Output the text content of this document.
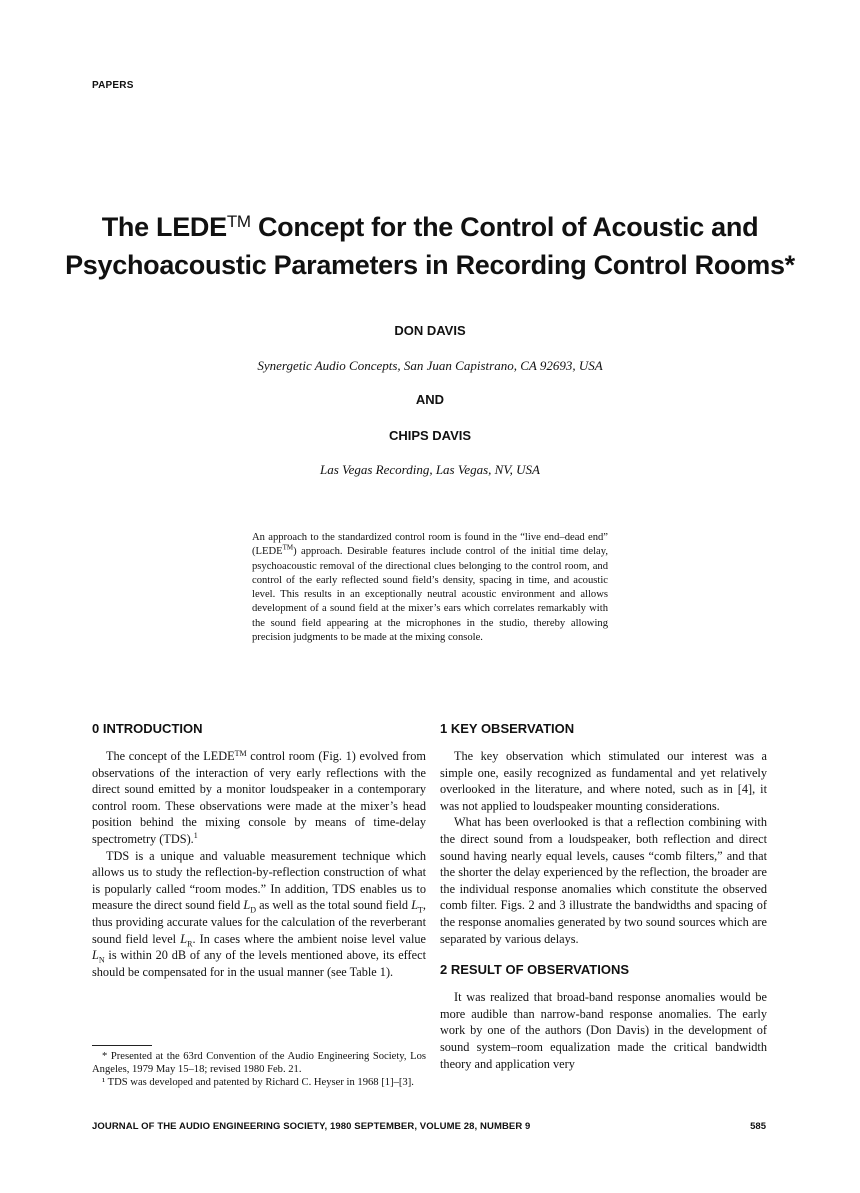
PAPERS
The LEDE™ Concept for the Control of Acoustic and
Psychoacoustic Parameters in Recording Control Rooms*
DON DAVIS
Synergetic Audio Concepts, San Juan Capistrano, CA 92693, USA
AND
CHIPS DAVIS
Las Vegas Recording, Las Vegas, NV, USA
An approach to the standardized control room is found in the “live end–dead end” (LEDE™) approach. Desirable features include control of the initial time delay, psychoacoustic removal of the directional clues belonging to the control room, and control of the early reflected sound field’s density, spacing in time, and acoustic level. This results in an exceptionally neutral acoustic environment and allows development of a sound field at the mixer’s ears which correlates remarkably with the sound field appearing at the microphones in the studio, thereby allowing precision judgments to be made at the mixing console.
0 INTRODUCTION

The concept of the LEDE™ control room (Fig. 1) evolved from observations of the interaction of very early reflections with the direct sound emitted by a monitor loudspeaker in a contemporary control room. These observations were made at the mixer’s head position behind the mixing console by means of time-delay spectrometry (TDS).$^1$

TDS is a unique and valuable measurement technique which allows us to study the reflection-by-reflection construction of what is popularly called “room modes.” In addition, TDS enables us to measure the direct sound field $L_D$ as well as the total sound field $L_T$, thus providing accurate values for the calculation of the reverberant sound field level $L_R$. In cases where the ambient noise level value $L_N$ is within 20 dB of any of the levels mentioned above, its effect should be compensated for in the usual manner (see Table 1).

1 KEY OBSERVATION

The key observation which stimulated our interest was a simple one, easily recognized as fundamental and yet relatively overlooked in the literature, and where noted, such as in [4], it was not applied to loudspeaker mounting considerations.

What has been overlooked is that a reflection combining with the direct sound from a loudspeaker, both reflection and direct sound having nearly equal levels, causes “comb filters,” and that the shorter the delay experienced by the reflection, the broader are the individual response anomalies which constitute the observed comb filter. Figs. 2 and 3 illustrate the bandwidths and spacing of the response anomalies generated by two sound sources which are separated by various delays.

2 RESULT OF OBSERVATIONS

It was realized that broad-band response anomalies would be more audible than narrow-band response anomalies. The early work by one of the authors (Don Davis) in the development of sound system–room equalization made the critical bandwidth theory and application very

* Presented at the 63rd Convention of the Audio Engineering Society, Los Angeles, 1979 May 15–18; revised 1980 Feb. 21.

¹ TDS was developed and patented by Richard C. Heyser in 1968 [1]–[3].

JOURNAL OF THE AUDIO ENGINEERING SOCIETY, 1980 SEPTEMBER, VOLUME 28, NUMBER 9	585
